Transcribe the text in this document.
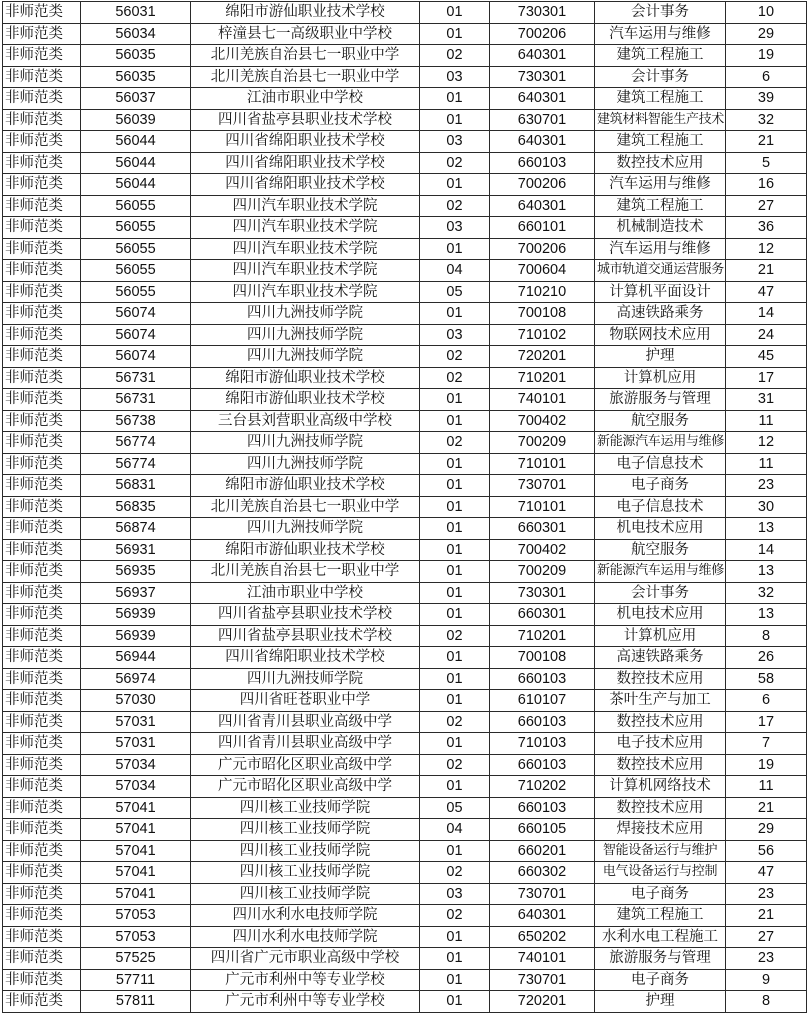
非师范类	56031	绵阳市游仙职业技术学校	01	730301	会计事务	10
非师范类	56034	梓潼县七一高级职业中学校	01	700206	汽车运用与维修	29
非师范类	56035	北川羌族自治县七一职业中学	02	640301	建筑工程施工	19
非师范类	56035	北川羌族自治县七一职业中学	03	730301	会计事务	6
非师范类	56037	江油市职业中学校	01	640301	建筑工程施工	39
非师范类	56039	四川省盐亭县职业技术学校	01	630701	建筑材料智能生产技术	32
非师范类	56044	四川省绵阳职业技术学校	03	640301	建筑工程施工	21
非师范类	56044	四川省绵阳职业技术学校	02	660103	数控技术应用	5
非师范类	56044	四川省绵阳职业技术学校	01	700206	汽车运用与维修	16
非师范类	56055	四川汽车职业技术学院	02	640301	建筑工程施工	27
非师范类	56055	四川汽车职业技术学院	03	660101	机械制造技术	36
非师范类	56055	四川汽车职业技术学院	01	700206	汽车运用与维修	12
非师范类	56055	四川汽车职业技术学院	04	700604	城市轨道交通运营服务	21
非师范类	56055	四川汽车职业技术学院	05	710210	计算机平面设计	47
非师范类	56074	四川九洲技师学院	01	700108	高速铁路乘务	14
非师范类	56074	四川九洲技师学院	03	710102	物联网技术应用	24
非师范类	56074	四川九洲技师学院	02	720201	护理	45
非师范类	56731	绵阳市游仙职业技术学校	02	710201	计算机应用	17
非师范类	56731	绵阳市游仙职业技术学校	01	740101	旅游服务与管理	31
非师范类	56738	三台县刘营职业高级中学校	01	700402	航空服务	11
非师范类	56774	四川九洲技师学院	02	700209	新能源汽车运用与维修	12
非师范类	56774	四川九洲技师学院	01	710101	电子信息技术	11
非师范类	56831	绵阳市游仙职业技术学校	01	730701	电子商务	23
非师范类	56835	北川羌族自治县七一职业中学	01	710101	电子信息技术	30
非师范类	56874	四川九洲技师学院	01	660301	机电技术应用	13
非师范类	56931	绵阳市游仙职业技术学校	01	700402	航空服务	14
非师范类	56935	北川羌族自治县七一职业中学	01	700209	新能源汽车运用与维修	13
非师范类	56937	江油市职业中学校	01	730301	会计事务	32
非师范类	56939	四川省盐亭县职业技术学校	01	660301	机电技术应用	13
非师范类	56939	四川省盐亭县职业技术学校	02	710201	计算机应用	8
非师范类	56944	四川省绵阳职业技术学校	01	700108	高速铁路乘务	26
非师范类	56974	四川九洲技师学院	01	660103	数控技术应用	58
非师范类	57030	四川省旺苍职业中学	01	610107	茶叶生产与加工	6
非师范类	57031	四川省青川县职业高级中学	02	660103	数控技术应用	17
非师范类	57031	四川省青川县职业高级中学	01	710103	电子技术应用	7
非师范类	57034	广元市昭化区职业高级中学	02	660103	数控技术应用	19
非师范类	57034	广元市昭化区职业高级中学	01	710202	计算机网络技术	11
非师范类	57041	四川核工业技师学院	05	660103	数控技术应用	21
非师范类	57041	四川核工业技师学院	04	660105	焊接技术应用	29
非师范类	57041	四川核工业技师学院	01	660201	智能设备运行与维护	56
非师范类	57041	四川核工业技师学院	02	660302	电气设备运行与控制	47
非师范类	57041	四川核工业技师学院	03	730701	电子商务	23
非师范类	57053	四川水利水电技师学院	02	640301	建筑工程施工	21
非师范类	57053	四川水利水电技师学院	01	650202	水利水电工程施工	27
非师范类	57525	四川省广元市职业高级中学校	01	740101	旅游服务与管理	23
非师范类	57711	广元市利州中等专业学校	01	730701	电子商务	9
非师范类	57811	广元市利州中等专业学校	01	720201	护理	8
